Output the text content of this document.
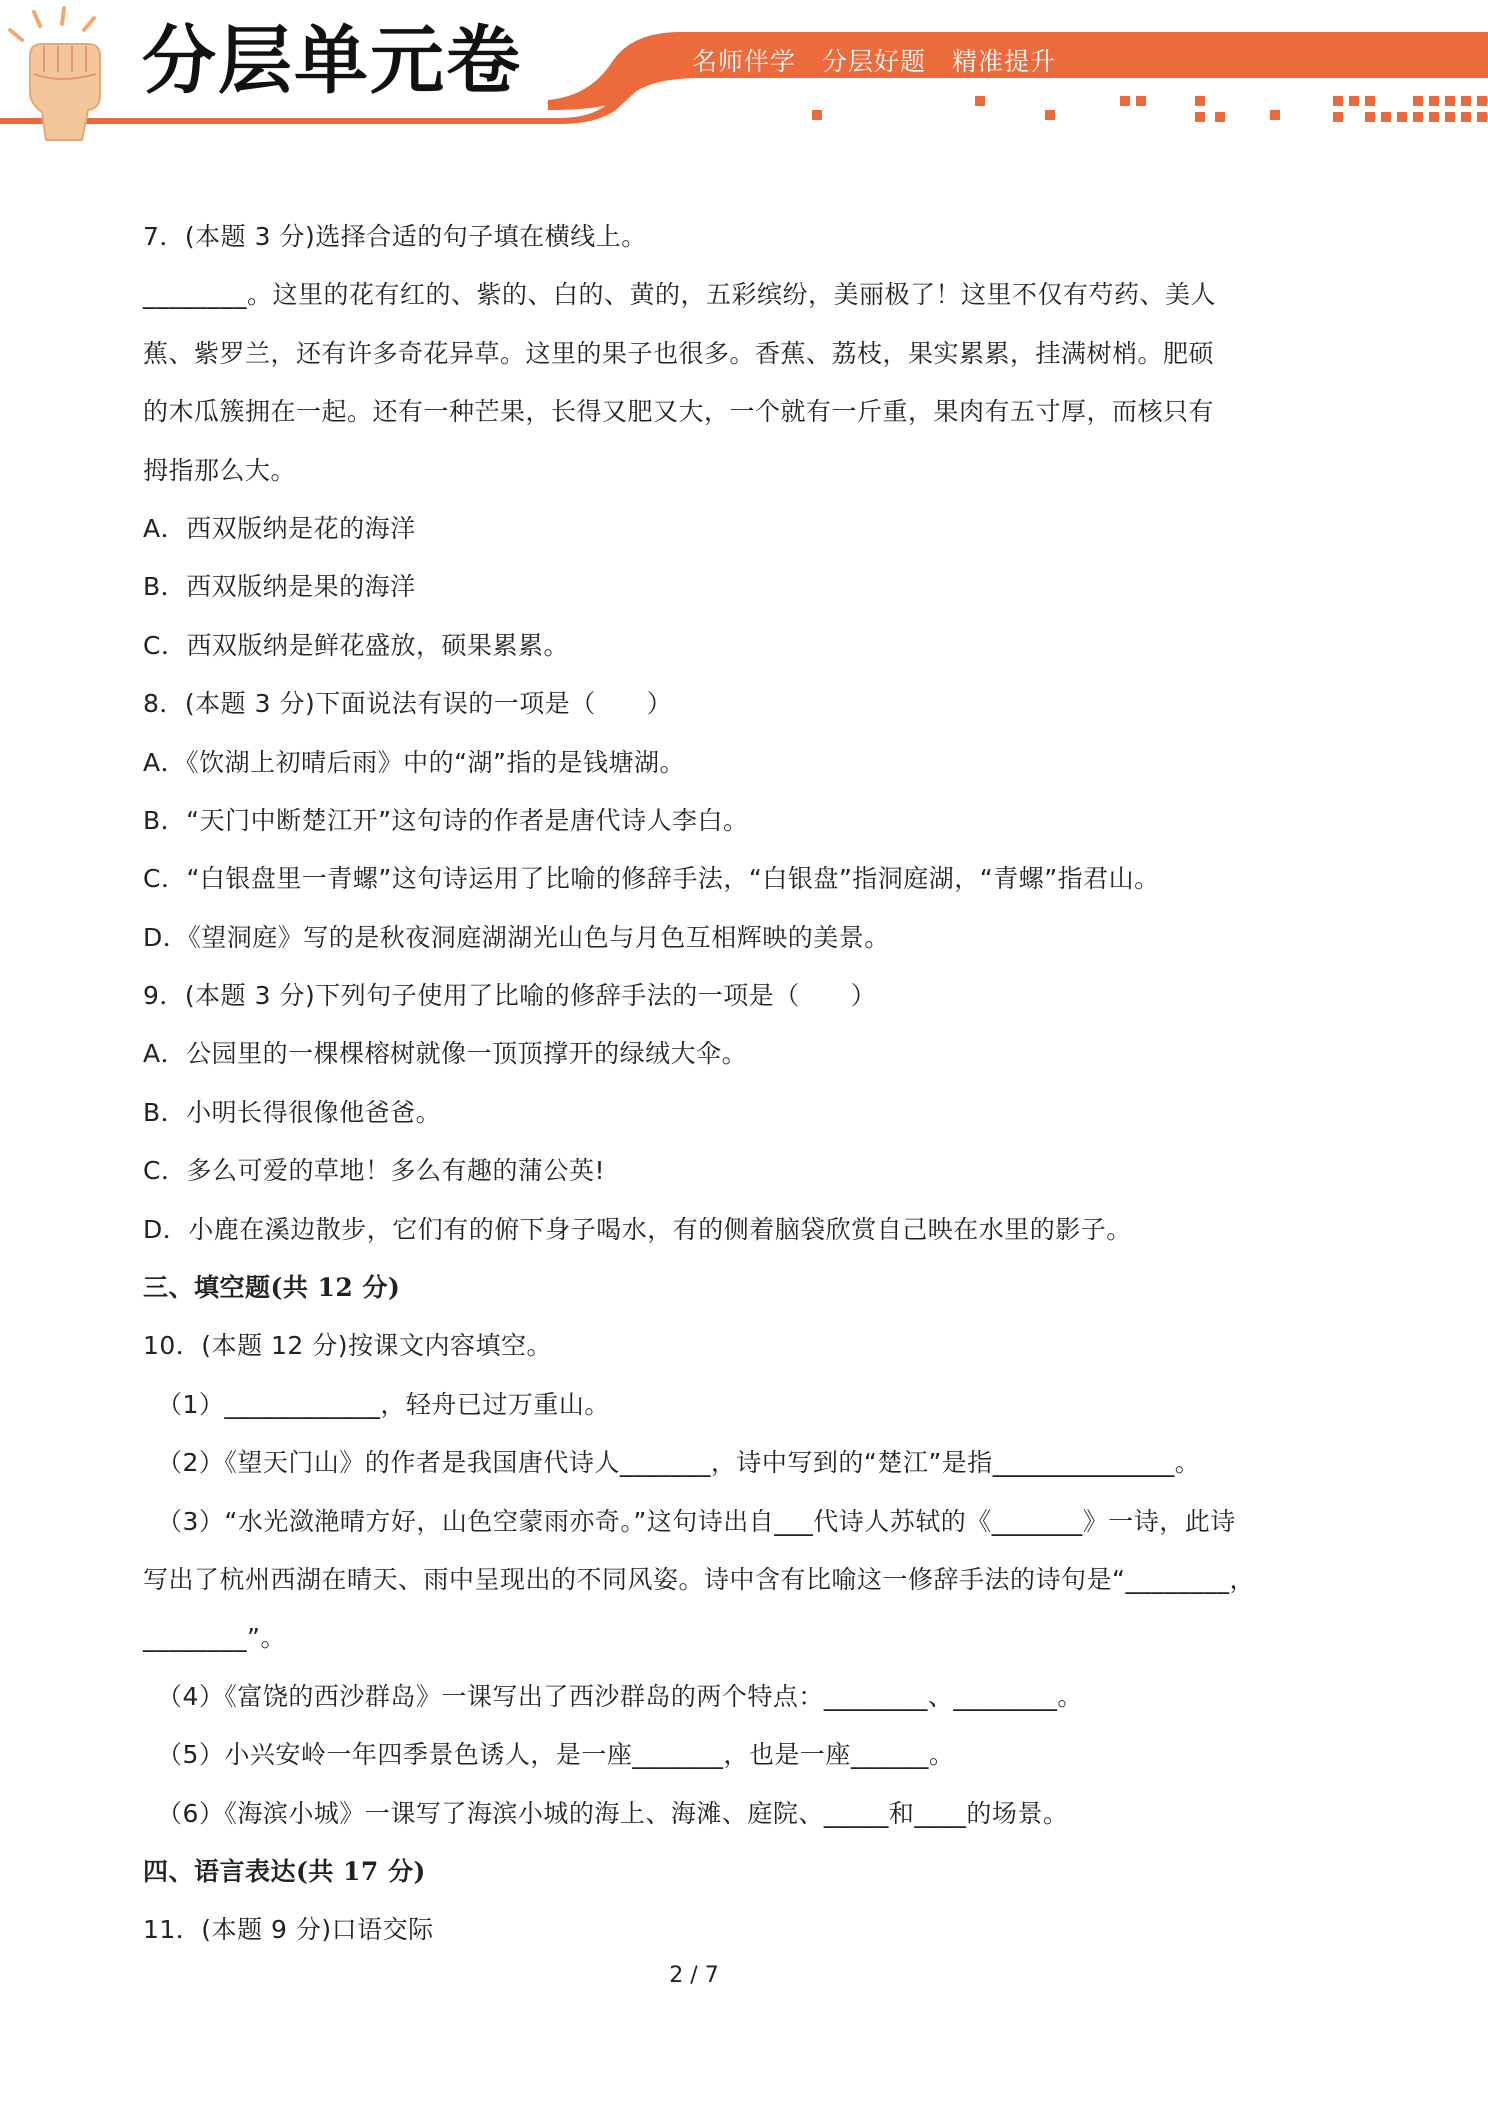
分层单元卷	名师伴学 分层好题 精准提升
7．(本题 3 分)选择合适的句子填在横线上。
________。这里的花有红的、紫的、白的、黄的，五彩缤纷，美丽极了！这里不仅有芍药、美人
蕉、紫罗兰，还有许多奇花异草。这里的果子也很多。香蕉、荔枝，果实累累，挂满树梢。肥硕
的木瓜簇拥在一起。还有一种芒果，长得又肥又大，一个就有一斤重，果肉有五寸厚，而核只有
拇指那么大。
A．西双版纳是花的海洋
B．西双版纳是果的海洋
C．西双版纳是鲜花盛放，硕果累累。
8．(本题 3 分)下面说法有误的一项是（　　）
A．《饮湖上初晴后雨》中的“湖”指的是钱塘湖。
B．“天门中断楚江开”这句诗的作者是唐代诗人李白。
C．“白银盘里一青螺”这句诗运用了比喻的修辞手法，“白银盘”指洞庭湖，“青螺”指君山。
D．《望洞庭》写的是秋夜洞庭湖湖光山色与月色互相辉映的美景。
9．(本题 3 分)下列句子使用了比喻的修辞手法的一项是（　　）
A．公园里的一棵棵榕树就像一顶顶撑开的绿绒大伞。
B．小明长得很像他爸爸。
C．多么可爱的草地！多么有趣的蒲公英!
D．小鹿在溪边散步，它们有的俯下身子喝水，有的侧着脑袋欣赏自己映在水里的影子。
三、填空题(共 12 分)
10．(本题 12 分)按课文内容填空。
（1）____________，轻舟已过万重山。
（2）《望天门山》的作者是我国唐代诗人_______，诗中写到的“楚江”是指______________。
（3）“水光潋滟晴方好，山色空蒙雨亦奇。”这句诗出自___代诗人苏轼的《_______》一诗，此诗
写出了杭州西湖在晴天、雨中呈现出的不同风姿。诗中含有比喻这一修辞手法的诗句是“________，
________”。
（4）《富饶的西沙群岛》一课写出了西沙群岛的两个特点：________、________。
（5）小兴安岭一年四季景色诱人，是一座_______，也是一座______。
（6）《海滨小城》一课写了海滨小城的海上、海滩、庭院、_____和____的场景。
四、语言表达(共 17 分)
11．(本题 9 分)口语交际
2 / 7
